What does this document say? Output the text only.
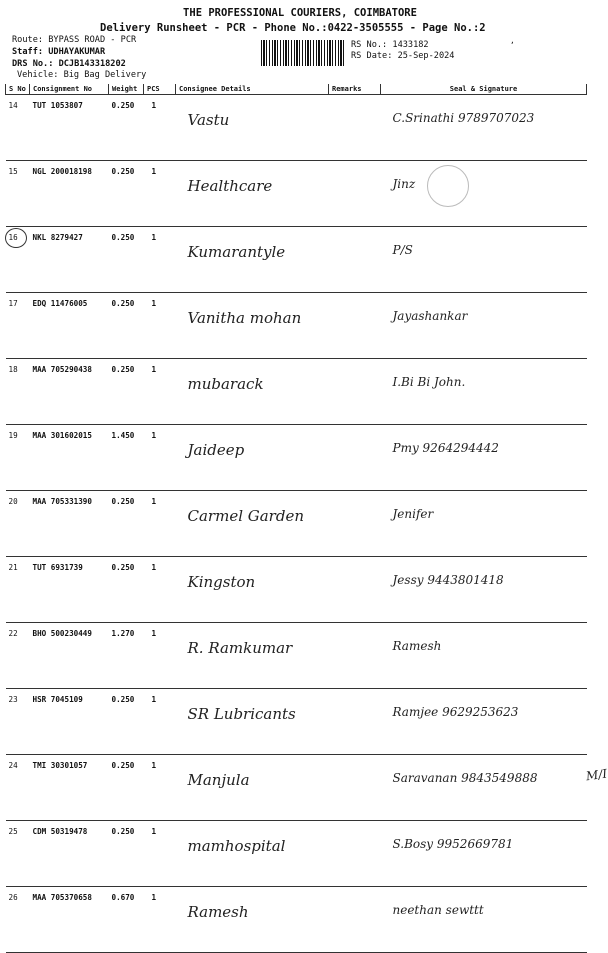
THE PROFESSIONAL COURIERS, COIMBATORE
Delivery Runsheet - PCR - Phone No.:0422-3505555 - Page No.:2
,
Route: BYPASS ROAD - PCR
Staff: UDHAYAKUMAR
DRS No.: DCJB143318202
Vehicle: Big Bag Delivery
RS No.: 1433182
RS Date: 25-Sep-2024
S No	Consignment No	Weight	PCS	Consignee Details	Remarks	Seal & Signature
14	TUT 1053807	0.250	1	Vastu		C.Srinathi 9789707023

15	NGL 200018198	0.250	1	Healthcare		Jinz

16	NKL 8279427	0.250	1	Kumarantyle		P/S

17	EDQ 11476005	0.250	1	Vanitha mohan		Jayashankar

18	MAA 705290438	0.250	1	mubarack		I.Bi Bi John.

19	MAA 301602015	1.450	1	Jaideep		Pmy 9264294442

20	MAA 705331390	0.250	1	Carmel Garden		Jenifer

21	TUT 6931739	0.250	1	Kingston		Jessy 9443801418

22	BHO 500230449	1.270	1	R. Ramkumar		Ramesh

23	HSR 7045109	0.250	1	SR Lubricants		Ramjee 9629253623

24	TMI 30301057	0.250	1	Manjula		Saravanan 9843549888

25	CDM 50319478	0.250	1	mamhospital		S.Bosy 9952669781

26	MAA 705370658	0.670	1	Ramesh		neethan sewttt
M/I
